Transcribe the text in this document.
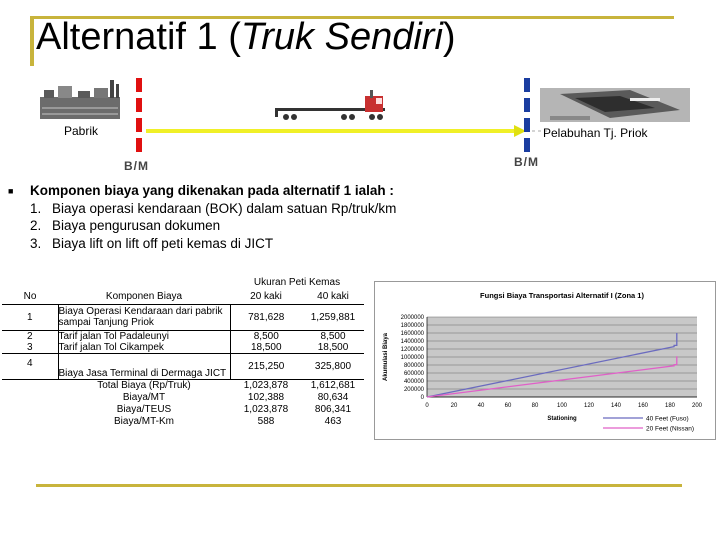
Alternatif 1 (Truk Sendiri)
Pabrik	Pelabuhan Tj. Priok
B/M	B/M
■ Komponen biaya yang dikenakan pada alternatif 1 ialah :
1. Biaya operasi kendaraan (BOK) dalam satuan Rp/truk/km
2. Biaya pengurusan dokumen
3. Biaya lift on lift off peti kemas di JICT
		Ukuran Peti Kemas	
No	Komponen Biaya	20 kaki	40 kaki
1	Biaya Operasi Kendaraan dari pabrik sampai Tanjung Priok	781,628	1,259,881
2	Tarif jalan Tol Padaleunyi	8,500	8,500
3	Tarif jalan Tol Cikampek	18,500	18,500
4	Biaya Jasa Terminal di Dermaga JICT	215,250	325,800
	Total Biaya (Rp/Truk)	1,023,878	1,612,681
	Biaya/MT	102,388	80,634
	Biaya/TEUS	1,023,878	806,341
	Biaya/MT-Km	588	463
Fungsi Biaya Transportasi Alternatif I (Zona 1)
0
200000
400000
600000
800000
1000000
1200000
1400000
1600000
1800000
2000000
0	20	40	60	80	100	120	140	160	180	200
Stationing
Akumulasi Biaya
40 Feet (Fuso)
20 Feet (Nissan)
